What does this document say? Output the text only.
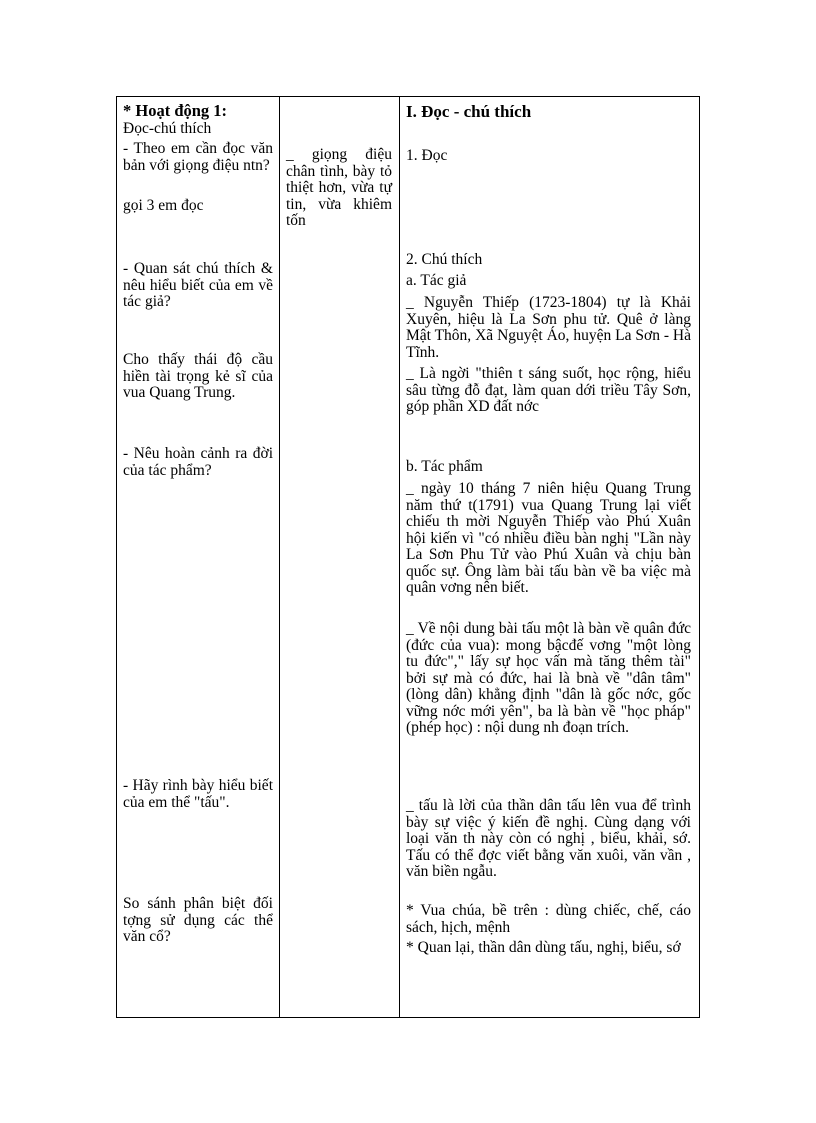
* Hoạt động 1:
Đọc-chú thích
- Theo em cần đọc văn bản với giọng điệu ntn?
gọi 3 em đọc
- Quan sát chú thích & nêu hiểu biết của em về tác giả?
Cho thấy thái độ cầu hiền tài trọng kẻ sĩ của vua Quang Trung.
- Nêu hoàn cảnh ra đời của tác phẩm?
- Hãy rình bày hiểu biết của em thể "tấu".
So sánh phân biệt đối tợng sử dụng các thể văn cổ?
_ giọng điệu chân tình, bày tỏ thiệt hơn, vừa tự tin, vừa khiêm tốn
I. Đọc - chú thích
1. Đọc
2. Chú thích
a. Tác giả
_ Nguyễn Thiếp (1723-1804) tự là Khải Xuyên, hiệu là La Sơn phu tử. Quê ở làng Mật Thôn, Xã Nguyệt Áo, huyện La Sơn - Hà Tĩnh.
_ Là ngời "thiên t sáng suốt, học rộng, hiểu sâu từng đỗ đạt, làm quan dới triều Tây Sơn, góp phần XD đất nớc
b. Tác phẩm
_ ngày 10 tháng 7 niên hiệu Quang Trung năm thứ t(1791) vua Quang Trung lại viết chiếu th mời Nguyễn Thiếp vào Phú Xuân hội kiến vì "có nhiều điều bàn nghị "Lần này La Sơn Phu Tử vào Phú Xuân và chịu bàn quốc sự. Ông làm bài tấu bàn về ba việc mà quân vơng nên biết.
_ Về nội dung bài tấu một là bàn về quân đức (đức của vua): mong bậcđế vơng "một lòng tu đức"," lấy sự học vấn mà tăng thêm tài" bởi sự mà có đức, hai là bnà về "dân tâm" (lòng dân) khẳng định "dân là gốc nớc, gốc vững nớc mới yên", ba là bàn về "học pháp" (phép học) : nội dung nh đoạn trích.
_ tấu là lời của thần dân tấu lên vua để trình bày sự việc ý kiến đề nghị. Cùng dạng với loại văn th này còn có nghị , biểu, khải, sớ. Tấu có thể đợc viết bằng văn xuôi, văn vần , văn biền ngẫu.
* Vua chúa, bề trên : dùng chiếc, chế, cáo sách, hịch, mệnh
* Quan lại, thần dân dùng tấu, nghị, biểu, sớ
